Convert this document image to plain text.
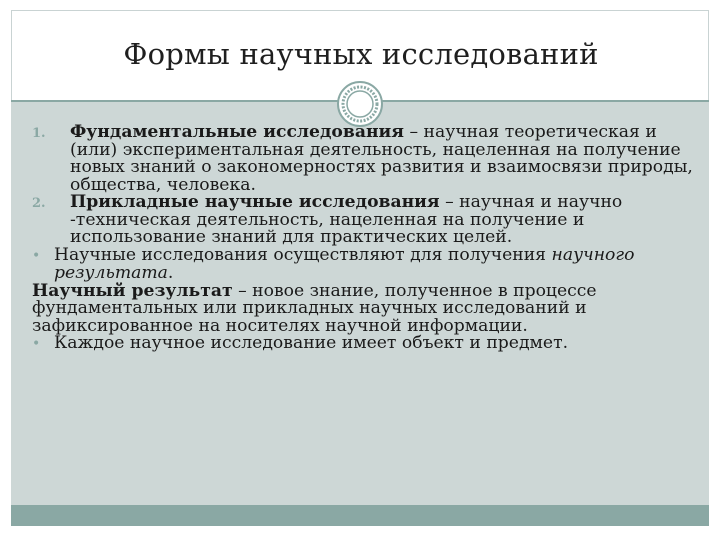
Формы научных исследований
1. Фундаментальные исследования – научная теоретическая и (или) экспериментальная деятельность, нацеленная на получение новых знаний о закономерностях развития и взаимосвязи природы, общества, человека.
2. Прикладные научные исследования – научная и научно -техническая деятельность, нацеленная на получение и использование знаний для практических целей.
• Научные исследования осуществляют для получения научного результата.
Научный результат – новое знание, полученное в процессе фундаментальных или прикладных научных исследований и зафиксированное на носителях научной информации.
• Каждое научное исследование имеет объект и предмет.
